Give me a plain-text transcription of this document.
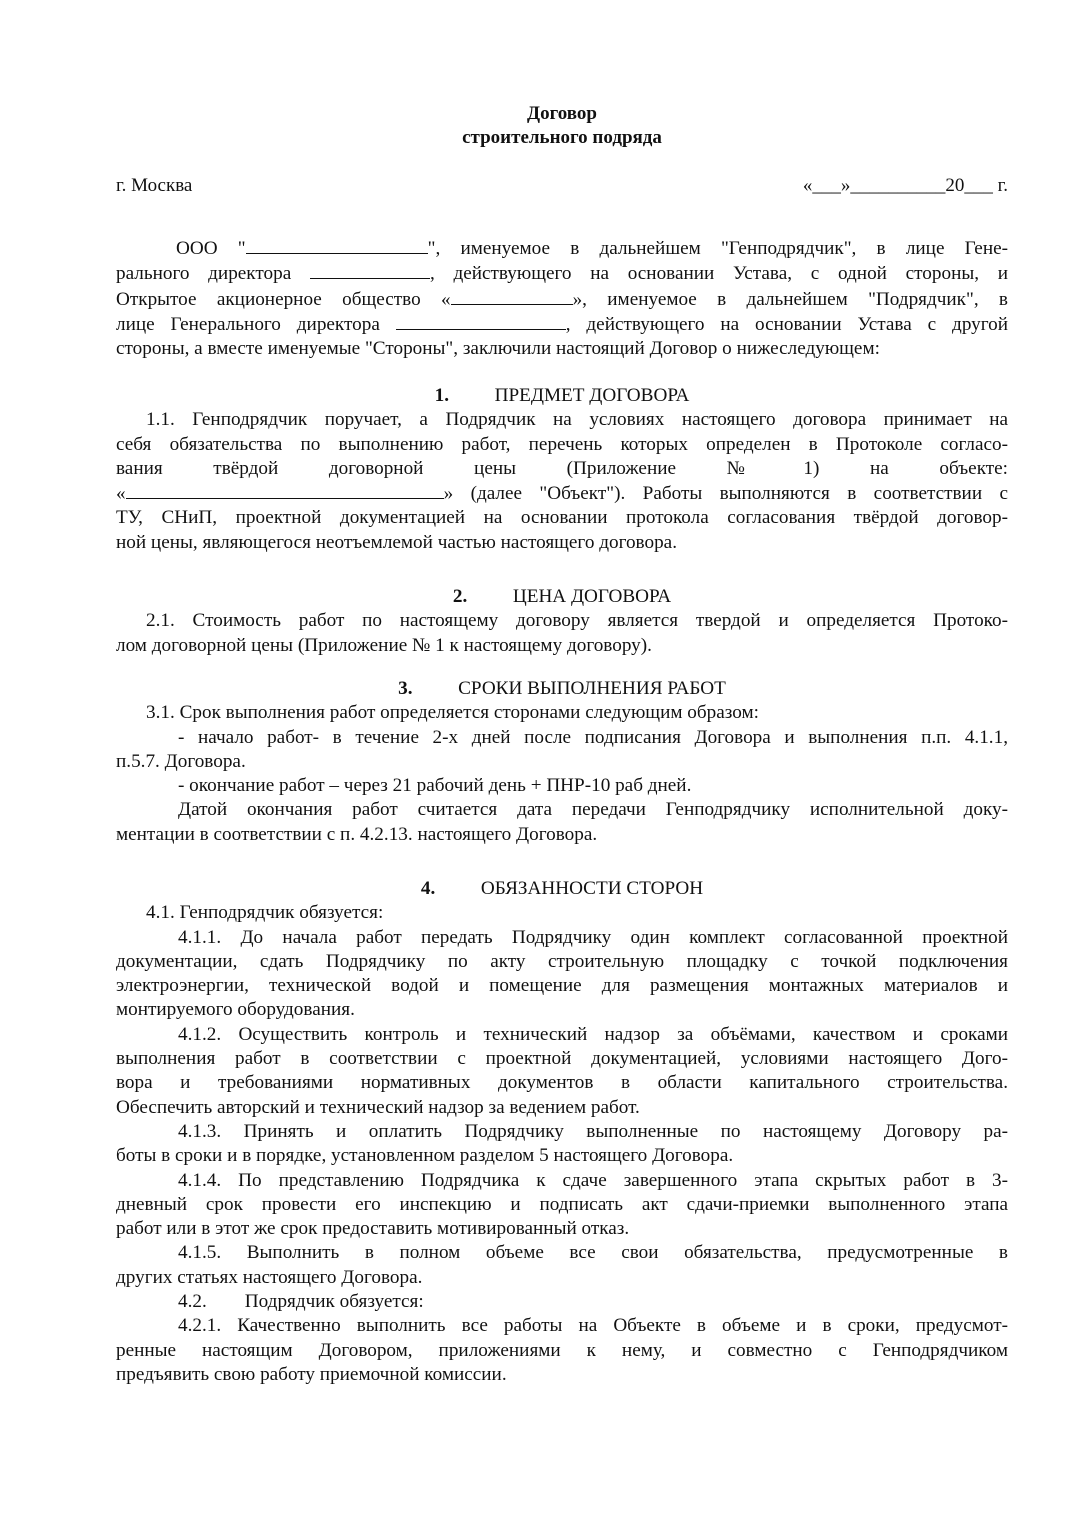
Договор
строительного подряда
г. Москва	«___»__________20___ г.

ООО "	", именуемое в дальнейшем "Генподрядчик", в лице Гене-

рального директора	, действующего на основании Устава, с одной стороны, и

Открытое акционерное общество «	», именуемое в дальнейшем "Подрядчик", в

лице Генерального директора	, действующего на основании Устава с другой

стороны, а вместе именуемые "Стороны", заключили настоящий Договор о нижеследующем:

1. ПРЕДМЕТ ДОГОВОРА

1.1. Генподрядчик поручает, а Подрядчик на условиях настоящего договора принимает на

себя обязательства по выполнению работ, перечень которых определен в Протоколе согласо-

вания твёрдой договорной цены (Приложение № 1) на объекте:

«	» (далее "Объект"). Работы выполняются в соответствии с

ТУ, СНиП, проектной документацией на основании протокола согласования твёрдой договор-

ной цены, являющегося неотъемлемой частью настоящего договора.

2. ЦЕНА ДОГОВОРА

2.1. Стоимость работ по настоящему договору является твердой и определяется Протоко-

лом договорной цены (Приложение № 1 к настоящему договору).

3. СРОКИ ВЫПОЛНЕНИЯ РАБОТ

3.1. Срок выполнения работ определяется сторонами следующим образом:

- начало работ- в течение 2-х дней после подписания Договора и выполнения п.п. 4.1.1,

п.5.7. Договора.

- окончание работ – через 21 рабочий день + ПНР-10 раб дней.

Датой окончания работ считается дата передачи Генподрядчику исполнительной доку-

ментации в соответствии с п. 4.2.13. настоящего Договора.

4. ОБЯЗАННОСТИ СТОРОН

4.1. Генподрядчик обязуется:

4.1.1. До начала работ передать Подрядчику один комплект согласованной проектной

документации, сдать Подрядчику по акту строительную площадку с точкой подключения

электроэнергии, технической водой и помещение для размещения монтажных материалов и

монтируемого оборудования.

4.1.2. Осуществить контроль и технический надзор за объёмами, качеством и сроками

выполнения работ в соответствии с проектной документацией, условиями настоящего Дого-

вора и требованиями нормативных документов в области капитального строительства.

Обеспечить авторский и технический надзор за ведением работ.

4.1.3. Принять и оплатить Подрядчику выполненные по настоящему Договору ра-

боты в сроки и в порядке, установленном разделом 5 настоящего Договора.

4.1.4. По представлению Подрядчика к сдаче завершенного этапа скрытых работ в 3-

дневный срок провести его инспекцию и подписать акт сдачи-приемки выполненного этапа

работ или в этот же срок предоставить мотивированный отказ.

4.1.5. Выполнить в полном объеме все свои обязательства, предусмотренные в

других статьях настоящего Договора.

4.2. Подрядчик обязуется:

4.2.1. Качественно выполнить все работы на Объекте в объеме и в сроки, предусмот-

ренные настоящим Договором, приложениями к нему, и совместно с Генподрядчиком

предъявить свою работу приемочной комиссии.
